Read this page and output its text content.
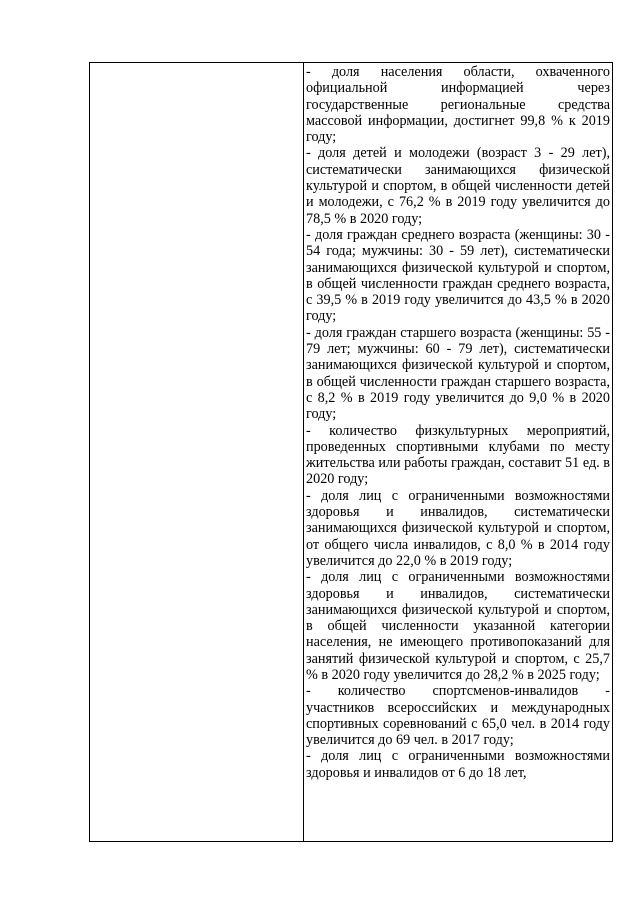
- доля населения области, охваченного официальной информацией через государственные региональные средства массовой информации, достигнет 99,8 % к 2019 году;

- доля детей и молодежи (возраст 3 - 29 лет), систематически занимающихся физической культурой и спортом, в общей численности детей и молодежи, с 76,2 % в 2019 году увеличится до 78,5 % в 2020 году;

- доля граждан среднего возраста (женщины: 30 - 54 года; мужчины: 30 - 59 лет), систематически занимающихся физической культурой и спортом, в общей численности граждан среднего возраста, с 39,5 % в 2019 году увеличится до 43,5 % в 2020 году;

- доля граждан старшего возраста (женщины: 55 - 79 лет; мужчины: 60 - 79 лет), систематически занимающихся физической культурой и спортом, в общей численности граждан старшего возраста, с 8,2 % в 2019 году увеличится до 9,0 % в 2020 году;

- количество физкультурных мероприятий, проведенных спортивными клубами по месту жительства или работы граждан, составит 51 ед. в 2020 году;

- доля лиц с ограниченными возможностями здоровья и инвалидов, систематически занимающихся физической культурой и спортом, от общего числа инвалидов, с 8,0 % в 2014 году увеличится до 22,0 % в 2019 году;

- доля лиц с ограниченными возможностями здоровья и инвалидов, систематически занимающихся физической культурой и спортом, в общей численности указанной категории населения, не имеющего противопоказаний для занятий физической культурой и спортом, с 25,7 % в 2020 году увеличится до 28,2 % в 2025 году;

- количество спортсменов-инвалидов - участников всероссийских и международных спортивных соревнований с 65,0 чел. в 2014 году увеличится до 69 чел. в 2017 году;

- доля лиц с ограниченными возможностями здоровья и инвалидов от 6 до 18 лет,
